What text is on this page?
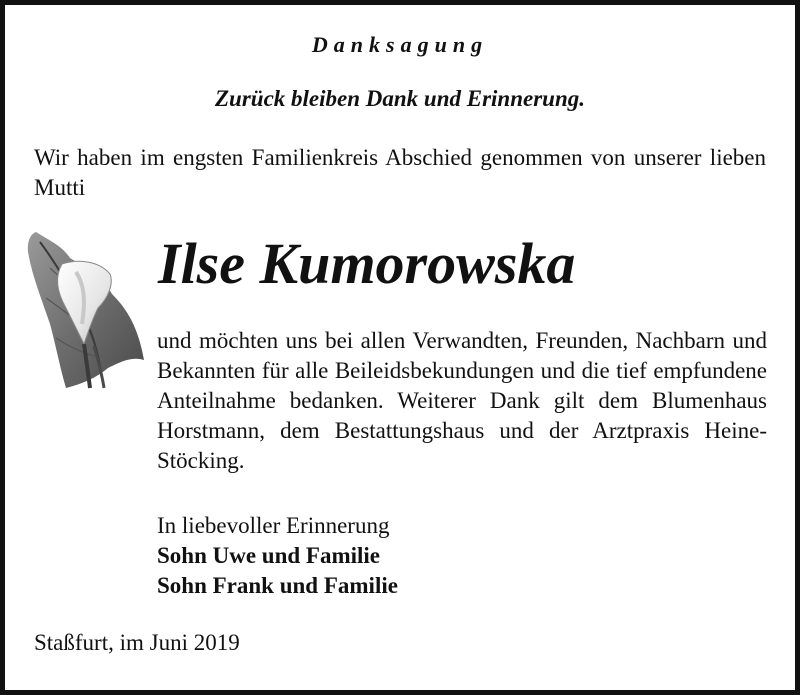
Danksagung
Zurück bleiben Dank und Erinnerung.
Wir haben im engsten Familienkreis Abschied genommen von unserer lieben Mutti
Ilse Kumorowska
und möchten uns bei allen Verwandten, Freunden, Nachbarn und Bekannten für alle Beileidsbekundungen und die tief empfundene Anteilnahme bedanken. Weiterer Dank gilt dem Blumenhaus Horstmann, dem Bestattungshaus und der Arztpraxis Heine-Stöcking.
In liebevoller Erinnerung
Sohn Uwe und Familie
Sohn Frank und Familie
Staßfurt, im Juni 2019
